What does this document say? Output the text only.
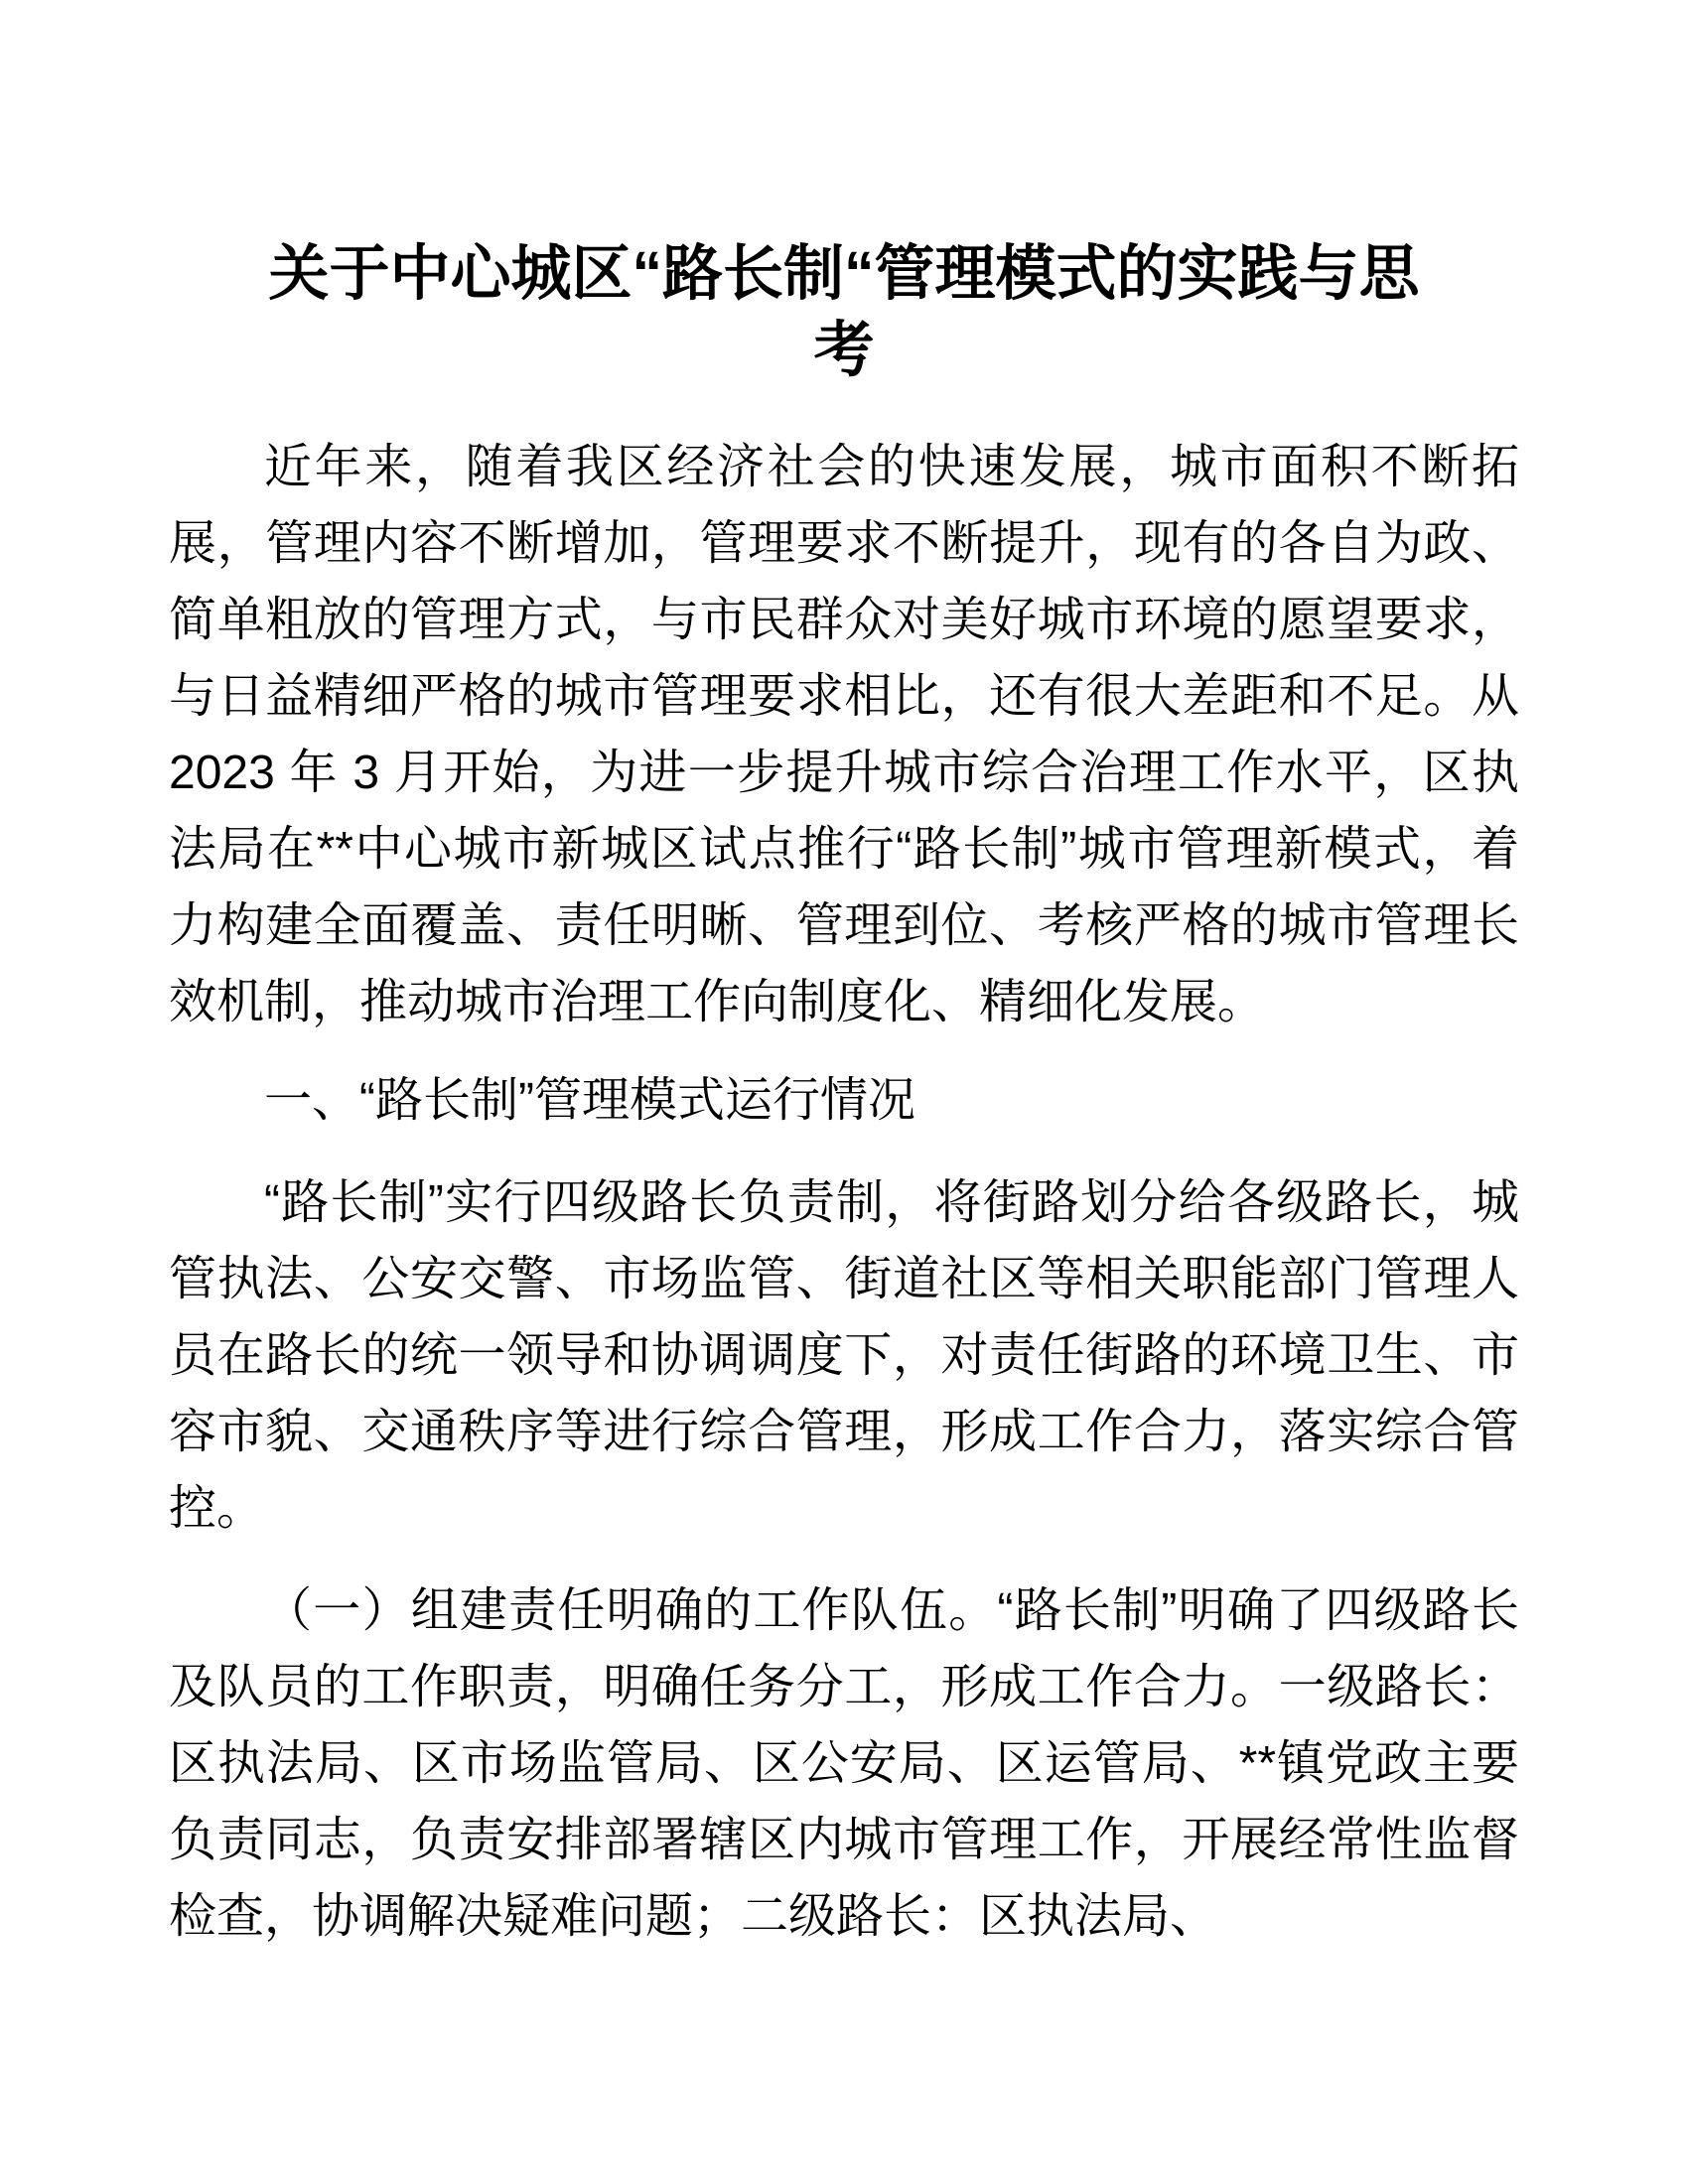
关于中心城区“路长制“管理模式的实践与思
考

近年来，随着我区经济社会的快速发展，城市面积不断拓展，管理内容不断增加，管理要求不断提升，现有的各自为政、简单粗放的管理方式，与市民群众对美好城市环境的愿望要求，与日益精细严格的城市管理要求相比，还有很大差距和不足。从 2023 年 3 月开始，为进一步提升城市综合治理工作水平，区执法局在**中心城市新城区试点推行“路长制”城市管理新模式，着力构建全面覆盖、责任明晰、管理到位、考核严格的城市管理长效机制，推动城市治理工作向制度化、精细化发展。

一、“路长制”管理模式运行情况

“路长制”实行四级路长负责制，将街路划分给各级路长，城管执法、公安交警、市场监管、街道社区等相关职能部门管理人员在路长的统一领导和协调调度下，对责任街路的环境卫生、市容市貌、交通秩序等进行综合管理，形成工作合力，落实综合管控。

（一）组建责任明确的工作队伍。“路长制”明确了四级路长及队员的工作职责，明确任务分工，形成工作合力。一级路长：区执法局、区市场监管局、区公安局、区运管局、**镇党政主要负责同志，负责安排部署辖区内城市管理工作，开展经常性监督检查，协调解决疑难问题；二级路长：区执法局、
